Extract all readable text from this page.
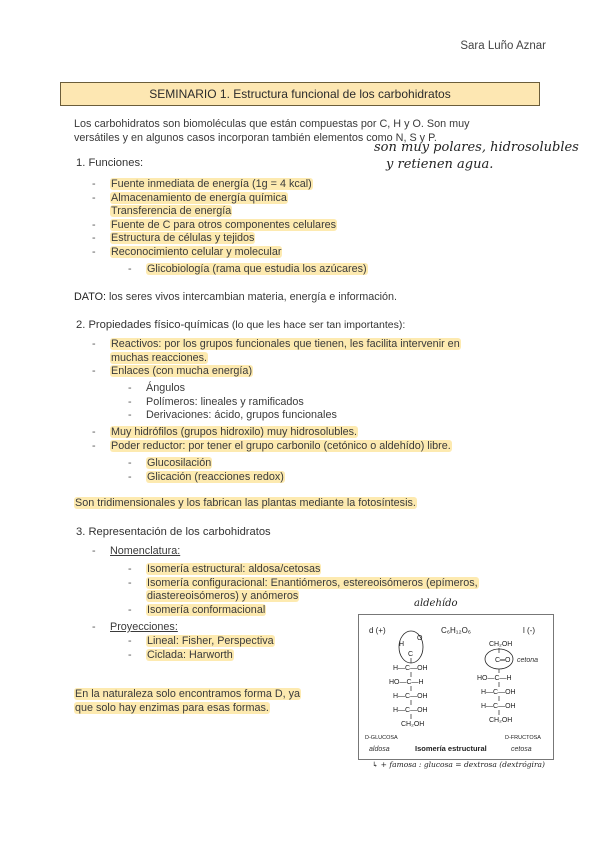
Sara Luño Aznar
SEMINARIO 1. Estructura funcional de los carbohidratos
Los carbohidratos son biomoléculas que están compuestas por C, H y O. Son muy
versátiles y en algunos casos incorporan también elementos como N, S y P.
son muy polares, hidrosolubles
y retienen agua.
1. Funciones:
- Fuente inmediata de energía (1g = 4 kcal)
- Almacenamiento de energía química
Transferencia de energía
- Fuente de C para otros componentes celulares
- Estructura de células y tejidos
- Reconocimiento celular y molecular
- Glicobiología (rama que estudia los azúcares)
DATO: los seres vivos intercambian materia, energía e información.
2. Propiedades físico-químicas (lo que les hace ser tan importantes):
- Reactivos: por los grupos funcionales que tienen, les facilita intervenir en
muchas reacciones.
- Enlaces (con mucha energía)
- Ángulos
- Polímeros: lineales y ramificados
- Derivaciones: ácido, grupos funcionales
- Muy hidrófilos (grupos hidroxilo) muy hidrosolubles.
- Poder reductor: por tener el grupo carbonilo (cetónico o aldehído) libre.
- Glucosilación
- Glicación (reacciones redox)
Son tridimensionales y los fabrican las plantas mediante la fotosíntesis.
3. Representación de los carbohidratos
- Nomenclatura:
- Isomería estructural: aldosa/cetosas
- Isomería configuracional: Enantiómeros, estereoisómeros (epímeros,
diastereoisómeros) y anómeros
- Isomería conformacional
- Proyecciones:
- Lineal: Fisher, Perspectiva
- Ciclada: Harworth
En la naturaleza solo encontramos forma D, ya
que solo hay enzimas para esas formas.
aldehído
d (+)	C₆H₁₂O₆	l (-)
H
O
C
H—C—OH
HO—C—H
H—C—OH
H—C—OH
CH₂OH
CH₂OH
C═O
HO—C—H
H—C—OH
H—C—OH
CH₂OH
cetona
D-GLUCOSA	D-FRUCTOSA
aldosa	Isomería estructural	cetosa
↳ + famosa : glucosa = dextrosa (dextrógira)
